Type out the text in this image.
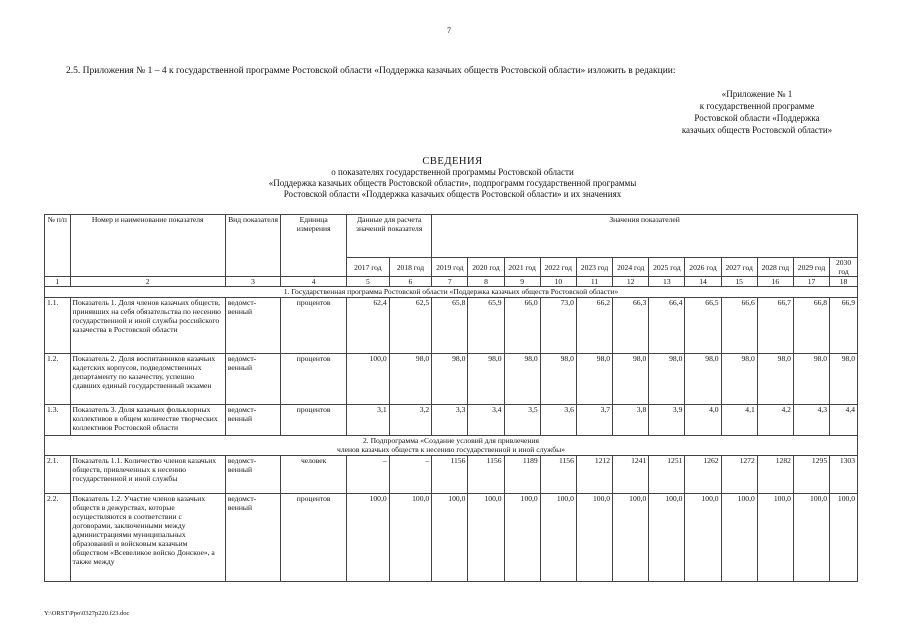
7
2.5. Приложения № 1 – 4 к государственной программе Ростовской области «Поддержка казачьих обществ Ростовской области» изложить в редакции:
«Приложение № 1
к государственной программе
Ростовской области «Поддержка
казачьих обществ Ростовской области»
СВЕДЕНИЯ
о показателях государственной программы Ростовской области
«Поддержка казачьих обществ Ростовской области», подпрограмм государственной программы
Ростовской области «Поддержка казачьих обществ Ростовской области» и их значениях
№ п/п	Номер и наименование показателя	Вид показателя	Единица измерения	Данные для расчета значений показателя		Значения показателей											
				2017 год	2018 год	2019 год	2020 год	2021 год	2022 год	2023 год	2024 год	2025 год	2026 год	2027 год	2028 год	2029 год	2030 год
1	2	3	4	5	6	7	8	9	10	11	12	13	14	15	16	17	18
1. Государственная программа Ростовской области «Поддержка казачьих обществ Ростовской области»																	
1.1.	Показатель 1. Доля членов казачьих обществ, принявших на себя обязательства по несению государственной и иной службы российского казачества в Ростовской области	ведомст-венный	процентов	62,4	62,5	65,8	65,9	66,0	73,0	66,2	66,3	66,4	66,5	66,6	66,7	66,8	66,9
1.2.	Показатель 2. Доля воспитанников казачьих кадетских корпусов, подведомственных департаменту по казачеству, успешно сдавших единый государственный экзамен	ведомст-венный	процентов	100,0	98,0	98,0	98,0	98,0	98,0	98,0	98,0	98,0	98,0	98,0	98,0	98,0	98,0
1.3.	Показатель 3. Доля казачьих фольклорных коллективов в общем количестве творческих коллективов Ростовской области	ведомст-венный	процентов	3,1	3,2	3,3	3,4	3,5	3,6	3,7	3,8	3,9	4,0	4,1	4,2	4,3	4,4

2. Подпрограмма «Создание условий для привлечения
членов казачьих обществ к несению государственной и иной службы»																	

2.1.	Показатель 1.1. Количество членов казачьих обществ, привлеченных к несению государственной и иной службы	ведомст-венный	человек	–	–	1156	1156	1189	1156	1212	1241	1251	1262	1272	1282	1295	1303
2.2.	Показатель 1.2. Участие членов казачьих обществ в дежурствах, которые осуществляются в соответствии с договорами, заключенными между администрациями муниципальных образований и войсковым казачьим обществом «Всевеликое войско Донское», а также между	ведомст-венный	процентов	100,0	100,0	100,0	100,0	100,0	100,0	100,0	100,0	100,0	100,0	100,0	100,0	100,0	100,0
Y:\ORST\Ppo\0327p220.f23.doc
